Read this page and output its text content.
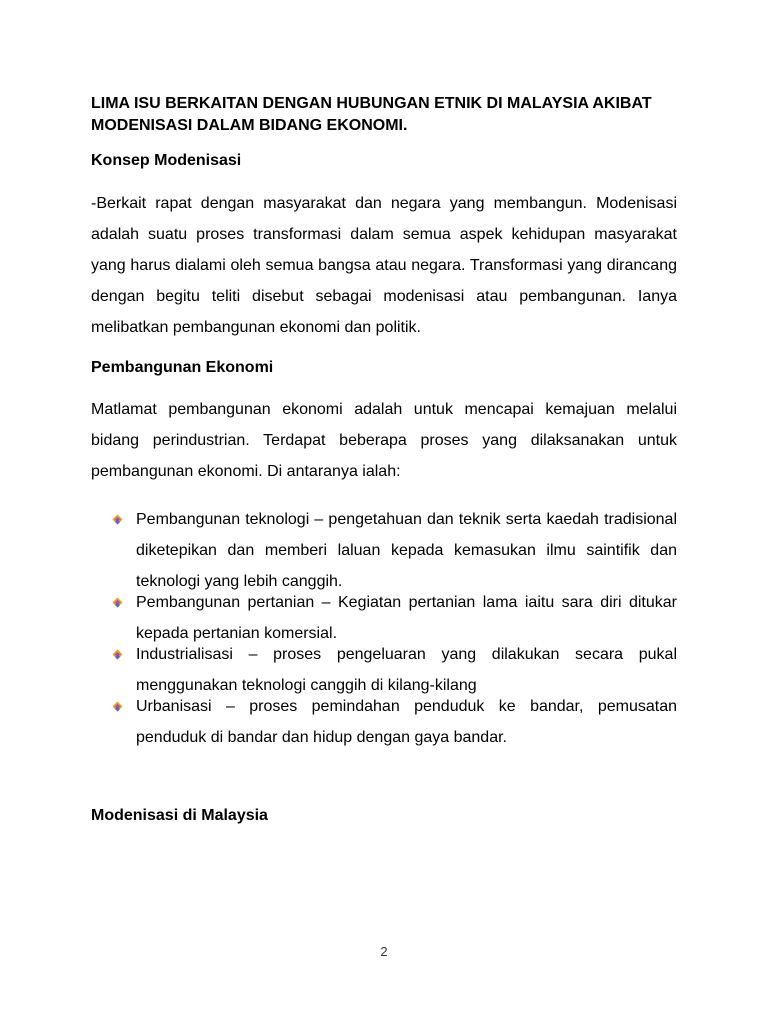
LIMA ISU BERKAITAN DENGAN HUBUNGAN ETNIK DI MALAYSIA AKIBAT MODENISASI DALAM BIDANG EKONOMI.

Konsep Modenisasi

-Berkait rapat dengan masyarakat dan negara yang membangun. Modenisasi adalah suatu proses transformasi dalam semua aspek kehidupan masyarakat yang harus dialami oleh semua bangsa atau negara. Transformasi yang dirancang dengan begitu teliti disebut sebagai modenisasi atau pembangunan. Ianya melibatkan pembangunan ekonomi dan politik.

Pembangunan Ekonomi

Matlamat pembangunan ekonomi adalah untuk mencapai kemajuan melalui bidang perindustrian. Terdapat beberapa proses yang dilaksanakan untuk pembangunan ekonomi. Di antaranya ialah:

Pembangunan teknologi – pengetahuan dan teknik serta kaedah tradisional diketepikan dan memberi laluan kepada kemasukan ilmu saintifik dan teknologi yang lebih canggih.
Pembangunan pertanian – Kegiatan pertanian lama iaitu sara diri ditukar kepada pertanian komersial.
Industrialisasi – proses pengeluaran yang dilakukan secara pukal menggunakan teknologi canggih di kilang-kilang
Urbanisasi – proses pemindahan penduduk ke bandar, pemusatan penduduk di bandar dan hidup dengan gaya bandar.

Modenisasi di Malaysia

2
